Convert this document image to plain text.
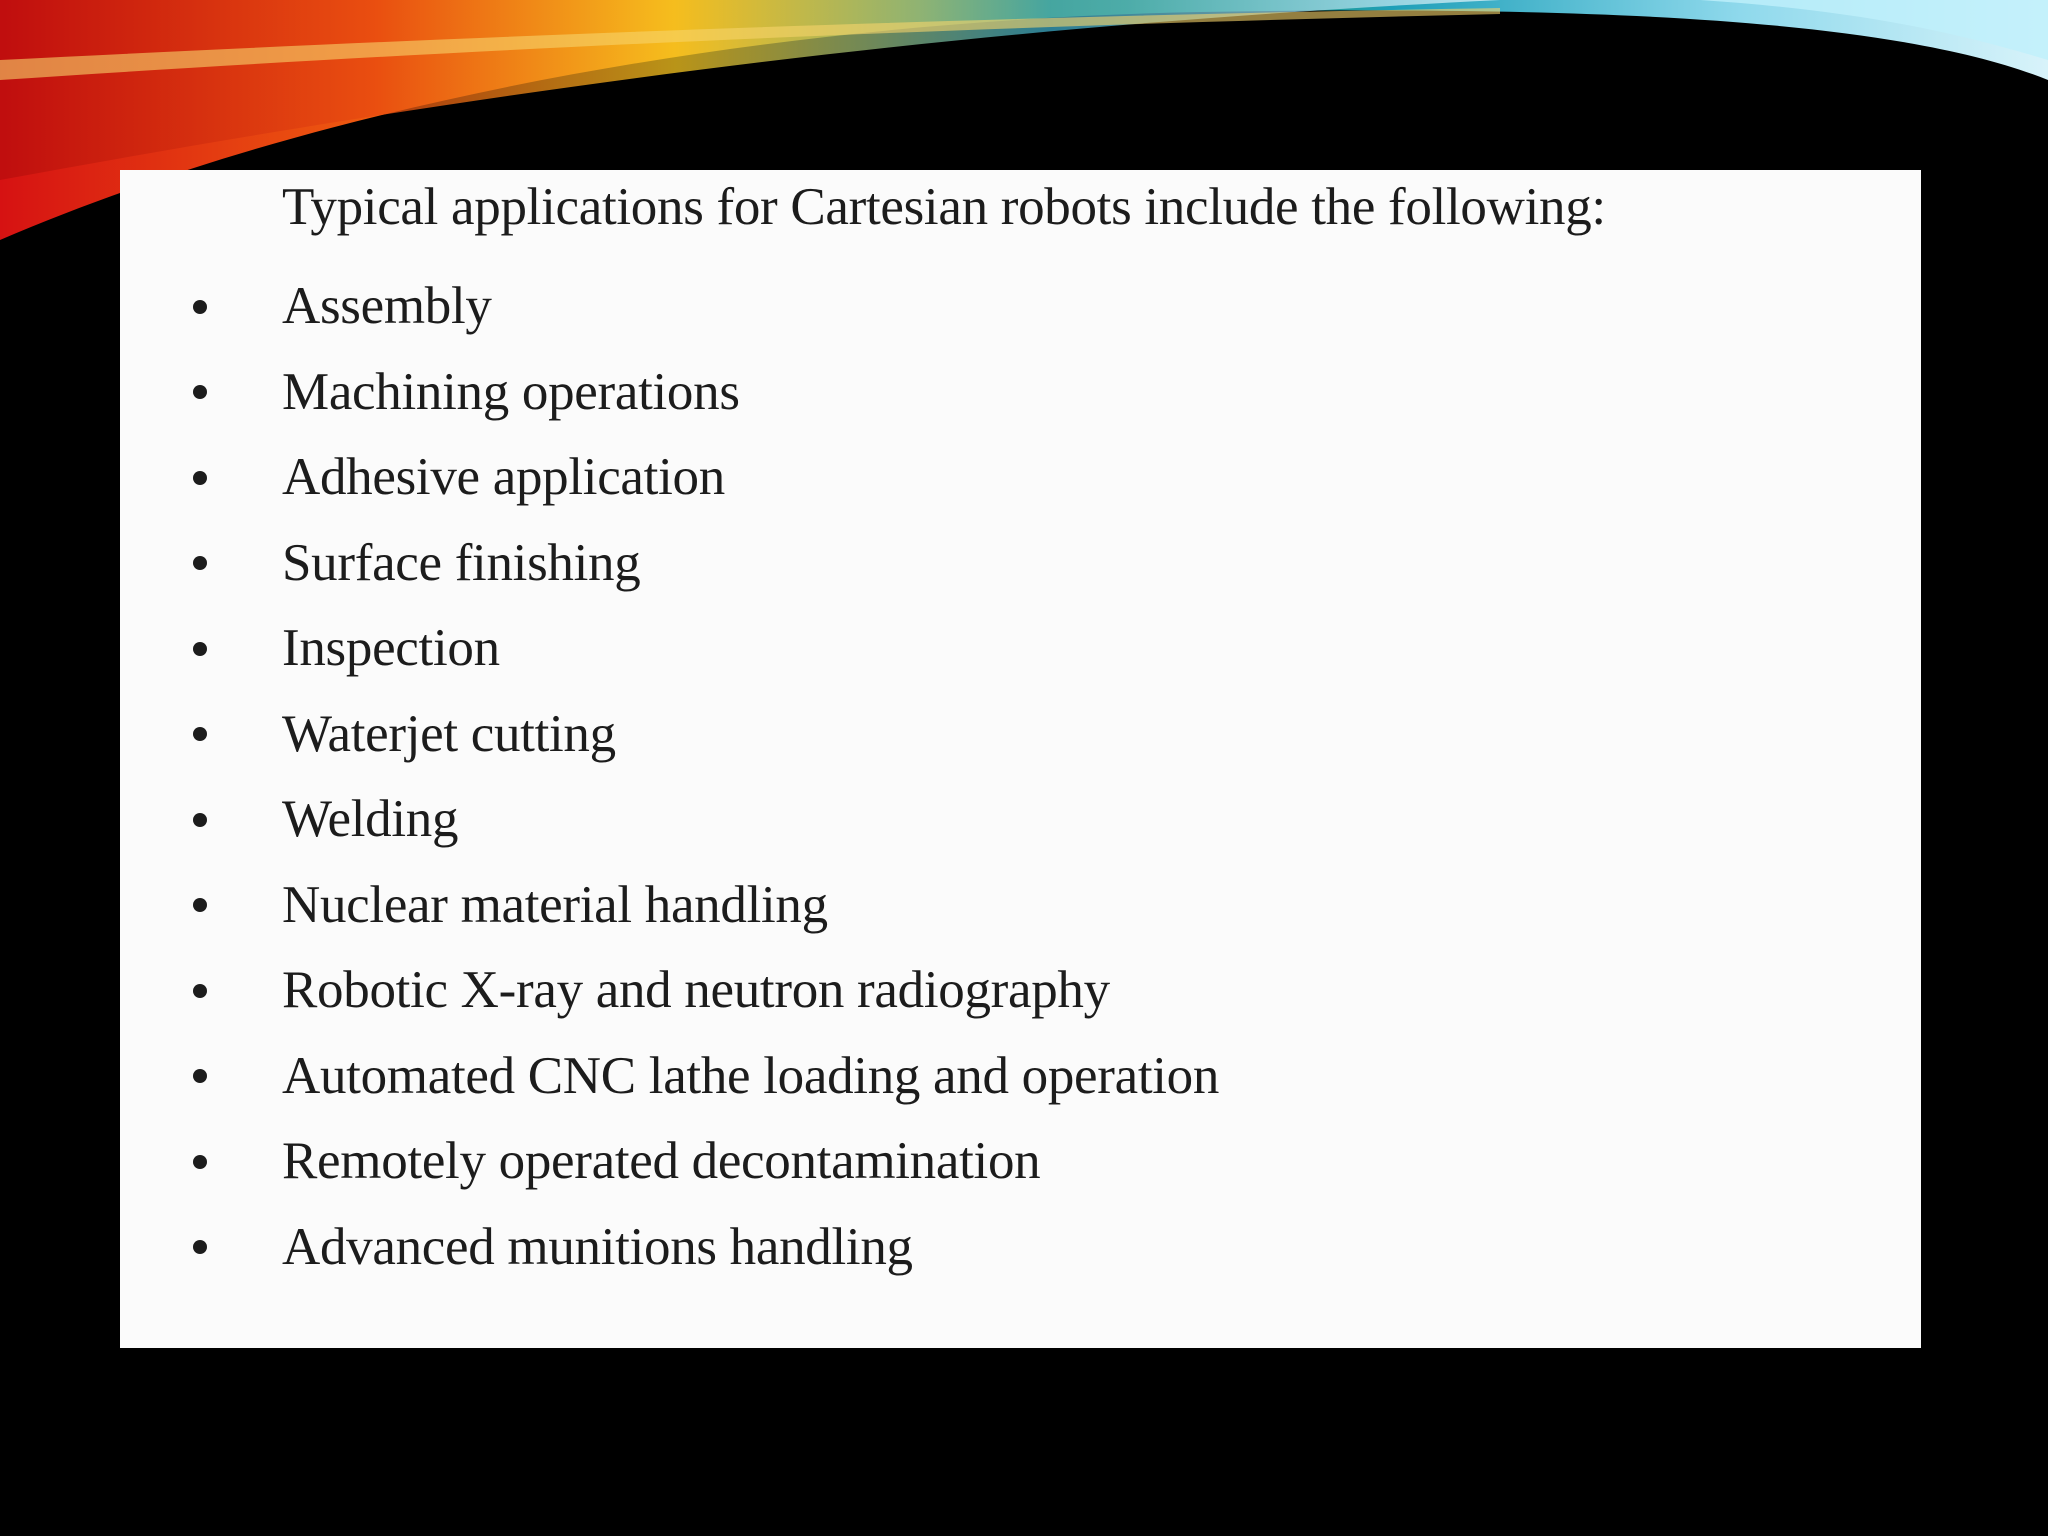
Typical applications for Cartesian robots include the following:

Assembly
Machining operations
Adhesive application
Surface finishing
Inspection
Waterjet cutting
Welding
Nuclear material handling
Robotic X-ray and neutron radiography
Automated CNC lathe loading and operation
Remotely operated decontamination
Advanced munitions handling
